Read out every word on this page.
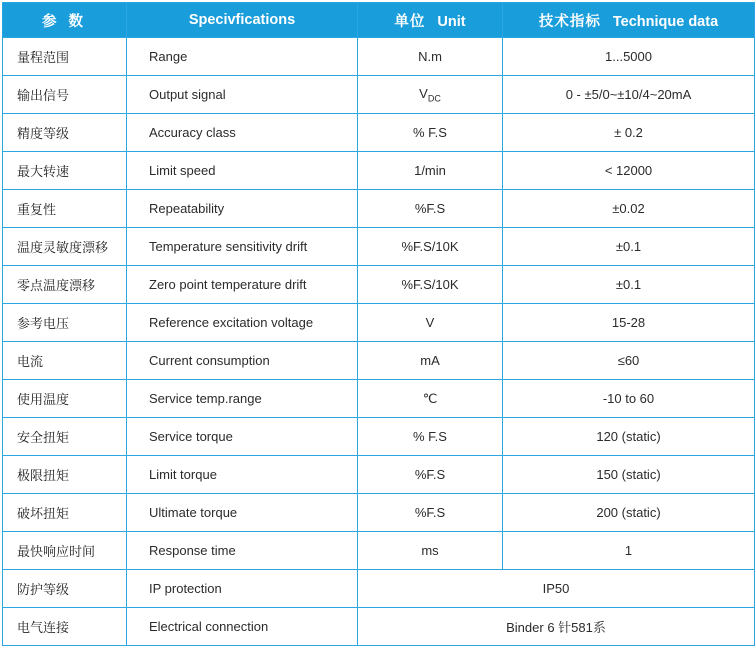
参 数	Specivfications	单位 Unit	技术指标 Technique data
量程范围	Range	N.m	1...5000
输出信号	Output signal	$V_{DC}$	0 - ±5/0~±10/4~20mA
精度等级	Accuracy class	% F.S	± 0.2
最大转速	Limit speed	1/min	< 12000
重复性	Repeatability	%F.S	±0.02
温度灵敏度漂移	Temperature sensitivity drift	%F.S/10K	±0.1
零点温度漂移	Zero point temperature drift	%F.S/10K	±0.1
参考电压	Reference excitation voltage	V	15-28
电流	Current consumption	mA	≤60
使用温度	Service temp.range	℃	-10 to 60
安全扭矩	Service torque	% F.S	120 (static)
极限扭矩	Limit torque	%F.S	150 (static)
破坏扭矩	Ultimate torque	%F.S	200 (static)
最快响应时间	Response time	ms	1
防护等级	IP protection	IP50	
电气连接	Electrical connection	Binder 6 针581系	
